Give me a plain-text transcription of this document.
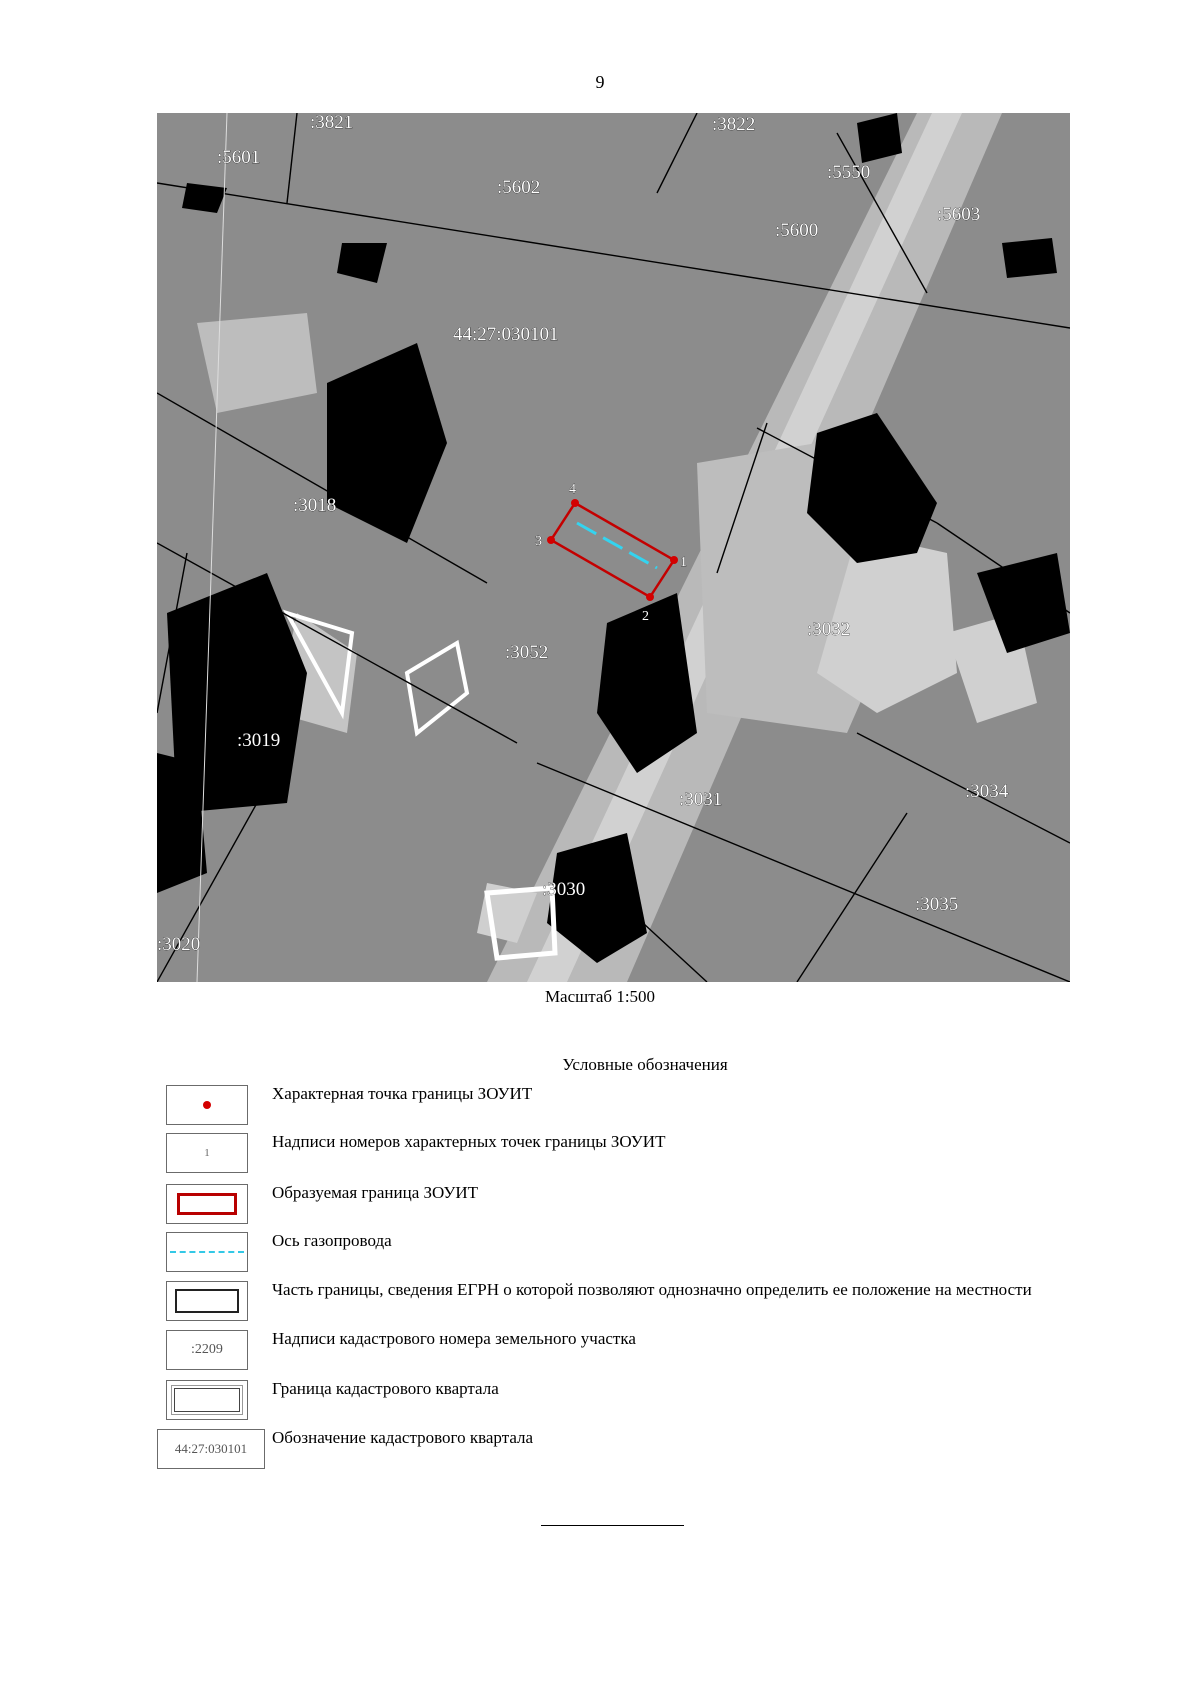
9
1
2
3
4
44:27:030101
:3821
:5601
:5602
:3822
:5550
:5600
:5603
:3018
:3052
:3032
:3019
:3031	:3034
:3030
:3035
:3020
Масштаб 1:500
Условные обозначения
Характерная точка границы ЗОУИТ
1
Надписи номеров характерных точек границы ЗОУИТ
Образуемая граница ЗОУИТ
Ось газопровода
Часть границы, сведения ЕГРН о которой позволяют однозначно определить ее положение на местности
:2209
Надписи кадастрового номера земельного участка
Граница кадастрового квартала
44:27:030101
Обозначение кадастрового квартала
